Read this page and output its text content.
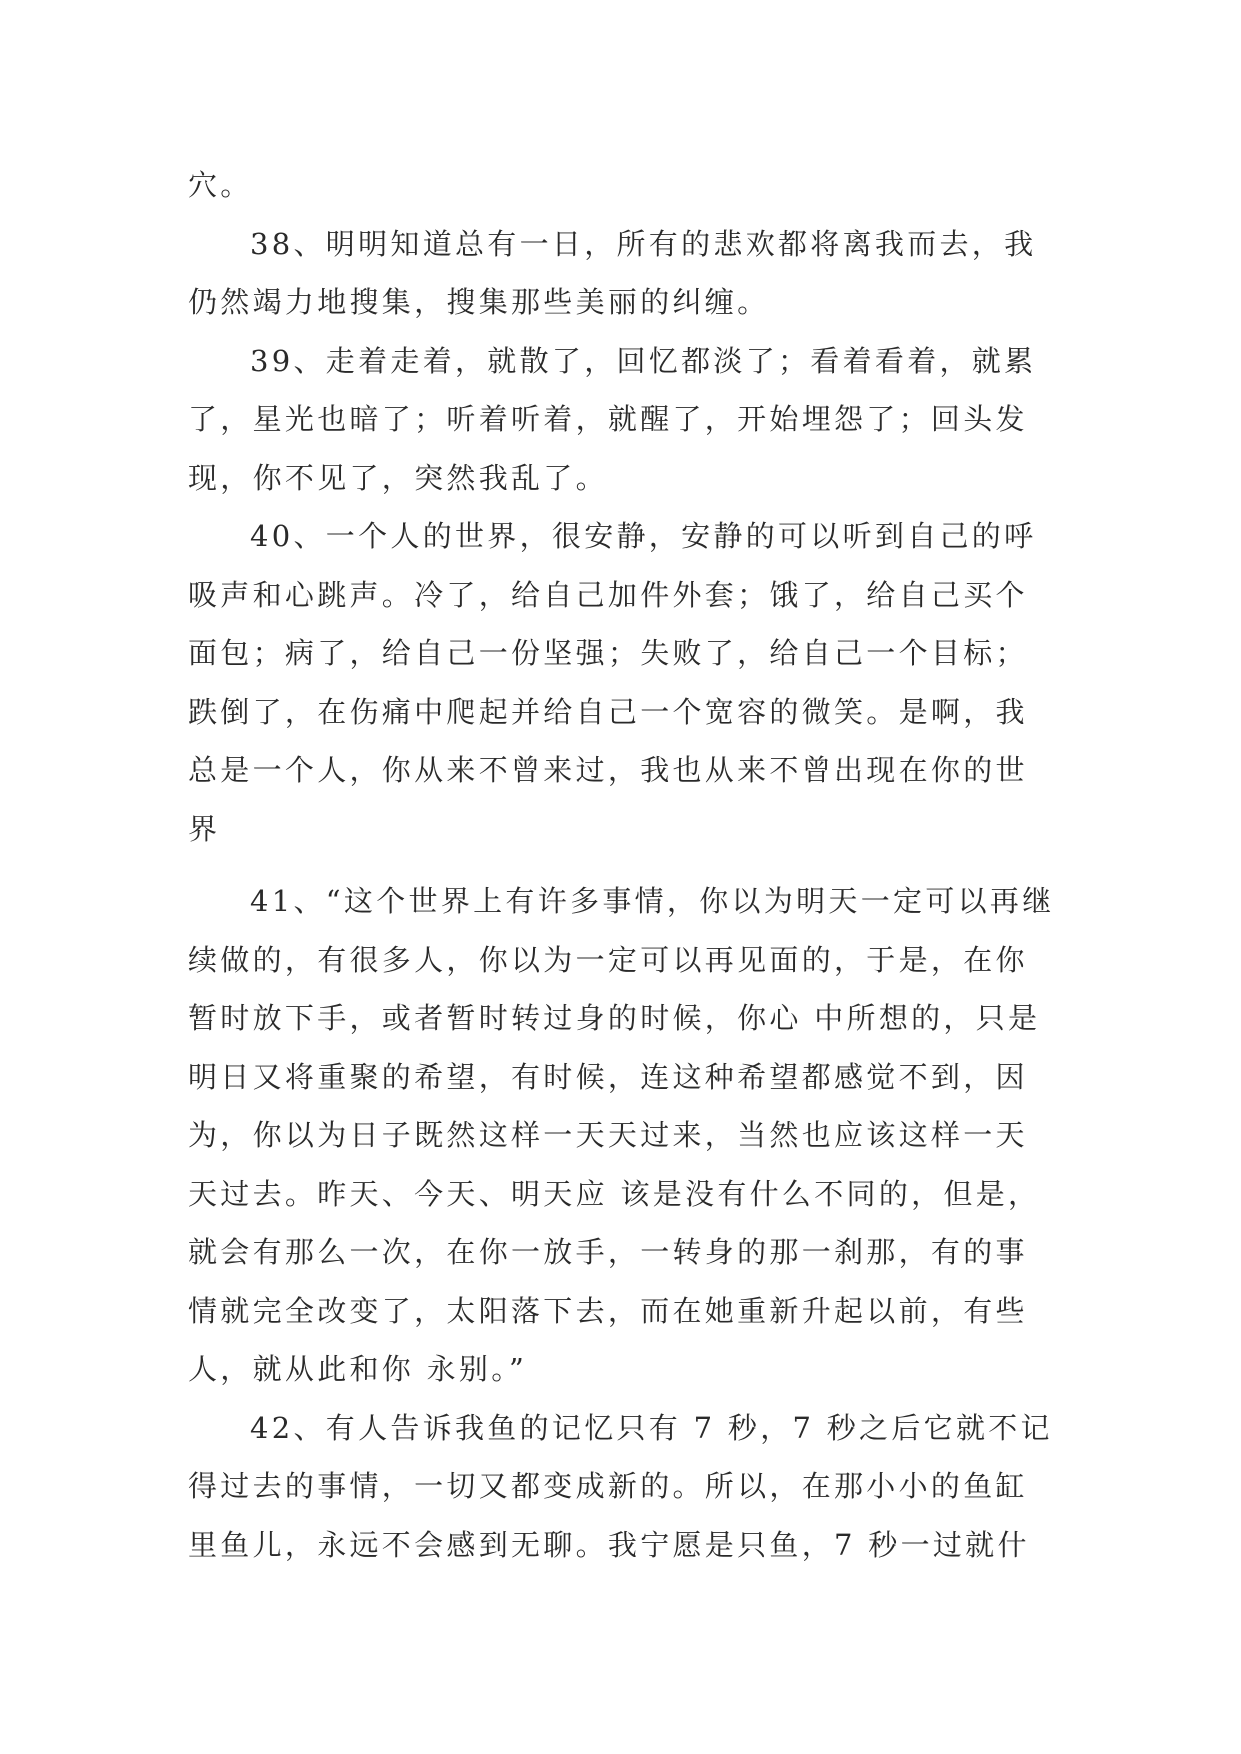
穴。

38、明明知道总有一日，所有的悲欢都将离我而去，我仍然竭力地搜集，搜集那些美丽的纠缠。

39、走着走着，就散了，回忆都淡了；看着看着，就累了，星光也暗了；听着听着，就醒了，开始埋怨了；回头发现，你不见了，突然我乱了。

40、一个人的世界，很安静，安静的可以听到自己的呼吸声和心跳声。冷了，给自己加件外套；饿了，给自己买个面包；病了，给自己一份坚强；失败了，给自己一个目标；跌倒了，在伤痛中爬起并给自己一个宽容的微笑。是啊，我总是一个人，你从来不曾来过，我也从来不曾出现在你的世界

41、“这个世界上有许多事情，你以为明天一定可以再继续做的，有很多人，你以为一定可以再见面的，于是，在你暂时放下手，或者暂时转过身的时候，你心 中所想的，只是明日又将重聚的希望，有时候，连这种希望都感觉不到，因为，你以为日子既然这样一天天过来，当然也应该这样一天天过去。昨天、今天、明天应 该是没有什么不同的，但是，就会有那么一次，在你一放手，一转身的那一刹那，有的事情就完全改变了，太阳落下去，而在她重新升起以前，有些人，就从此和你 永别。”

42、有人告诉我鱼的记忆只有 7 秒，7 秒之后它就不记得过去的事情，一切又都变成新的。所以，在那小小的鱼缸里鱼儿，永远不会感到无聊。我宁愿是只鱼，7 秒一过就什
